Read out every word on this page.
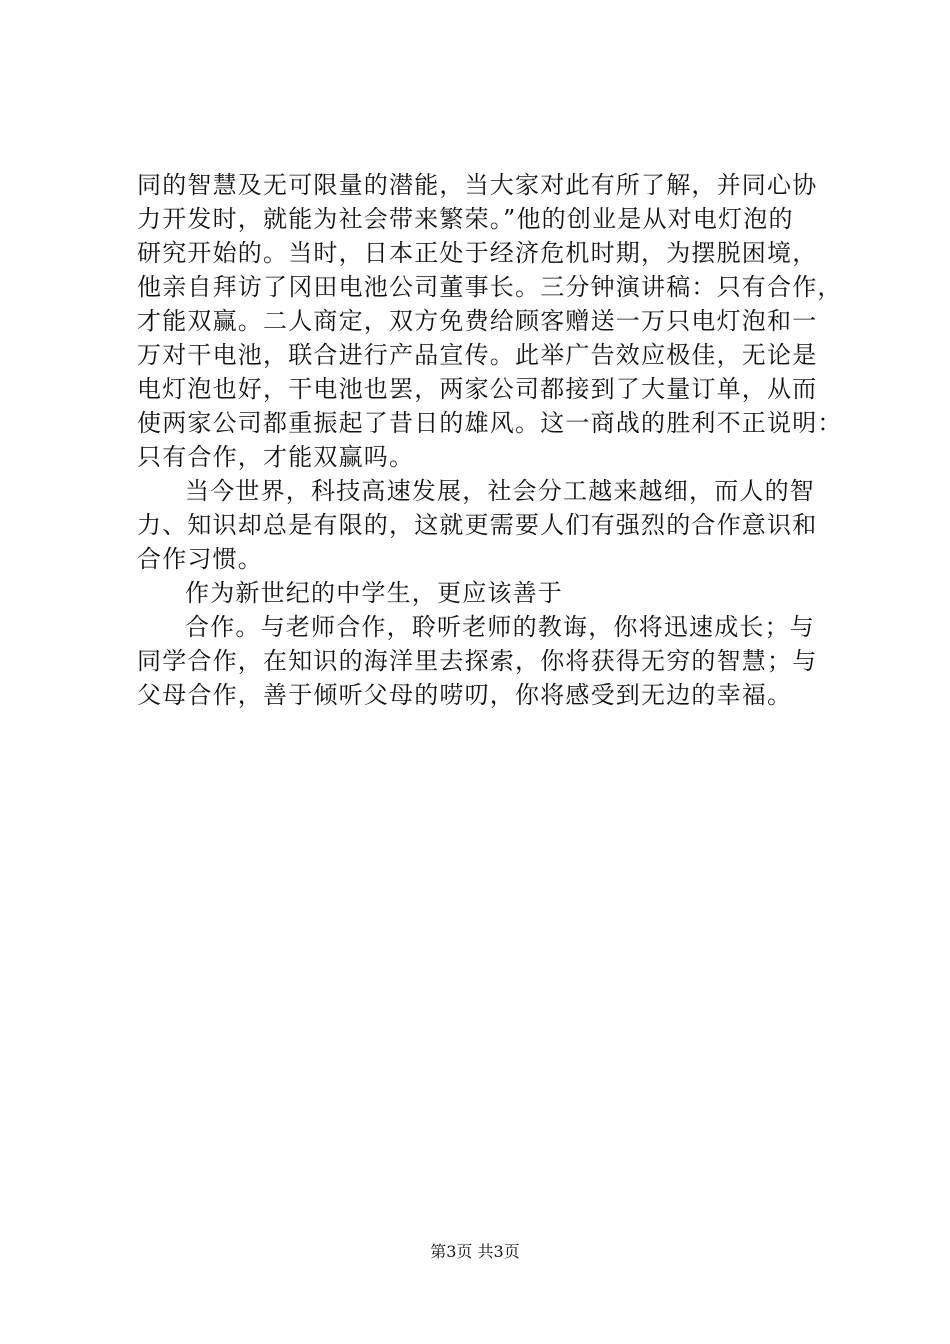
同的智慧及无可限量的潜能，当大家对此有所了解，并同心协
力开发时，就能为社会带来繁荣。”他的创业是从对电灯泡的
研究开始的。当时，日本正处于经济危机时期，为摆脱困境，
他亲自拜访了冈田电池公司董事长。三分钟演讲稿：只有合作，
才能双赢。二人商定，双方免费给顾客赠送一万只电灯泡和一
万对干电池，联合进行产品宣传。此举广告效应极佳，无论是
电灯泡也好，干电池也罢，两家公司都接到了大量订单，从而
使两家公司都重振起了昔日的雄风。这一商战的胜利不正说明：
只有合作，才能双赢吗。
当今世界，科技高速发展，社会分工越来越细，而人的智
力、知识却总是有限的，这就更需要人们有强烈的合作意识和
合作习惯。
作为新世纪的中学生，更应该善于
合作。与老师合作，聆听老师的教诲，你将迅速成长；与
同学合作，在知识的海洋里去探索，你将获得无穷的智慧；与
父母合作，善于倾听父母的唠叨，你将感受到无边的幸福。
第3页 共3页
